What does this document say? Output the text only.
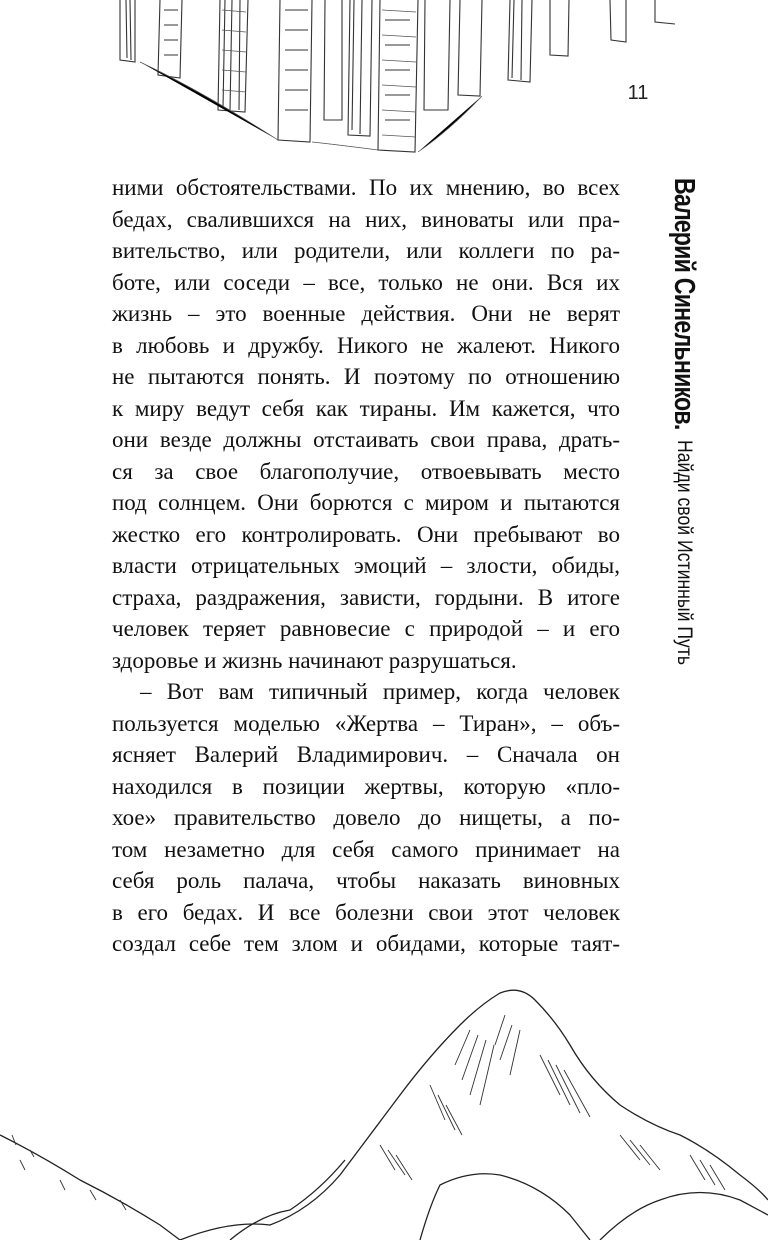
11
Валерий Синельников.
Найди свой Истинный Путь

ними обстоятельствами. По их мнению, во всех
бедах, свалившихся на них, виноваты или пра-
вительство, или родители, или коллеги по ра-
боте, или соседи – все, только не они. Вся их
жизнь – это военные действия. Они не верят
в любовь и дружбу. Никого не жалеют. Никого
не пытаются понять. И поэтому по отношению
к миру ведут себя как тираны. Им кажется, что
они везде должны отстаивать свои права, драть-
ся за свое благополучие, отвоевывать место
под солнцем. Они борются с миром и пытаются
жестко его контролировать. Они пребывают во
власти отрицательных эмоций – злости, обиды,
страха, раздражения, зависти, гордыни. В итоге
человек теряет равновесие с природой – и его
здоровье и жизнь начинают разрушаться.

– Вот вам типичный пример, когда человек
пользуется моделью «Жертва – Тиран», – объ-
ясняет Валерий Владимирович. – Сначала он
находился в позиции жертвы, которую «пло-
хое» правительство довело до нищеты, а по-
том незаметно для себя самого принимает на
себя роль палача, чтобы наказать виновных
в его бедах. И все болезни свои этот человек
создал себе тем злом и обидами, которые таят-
